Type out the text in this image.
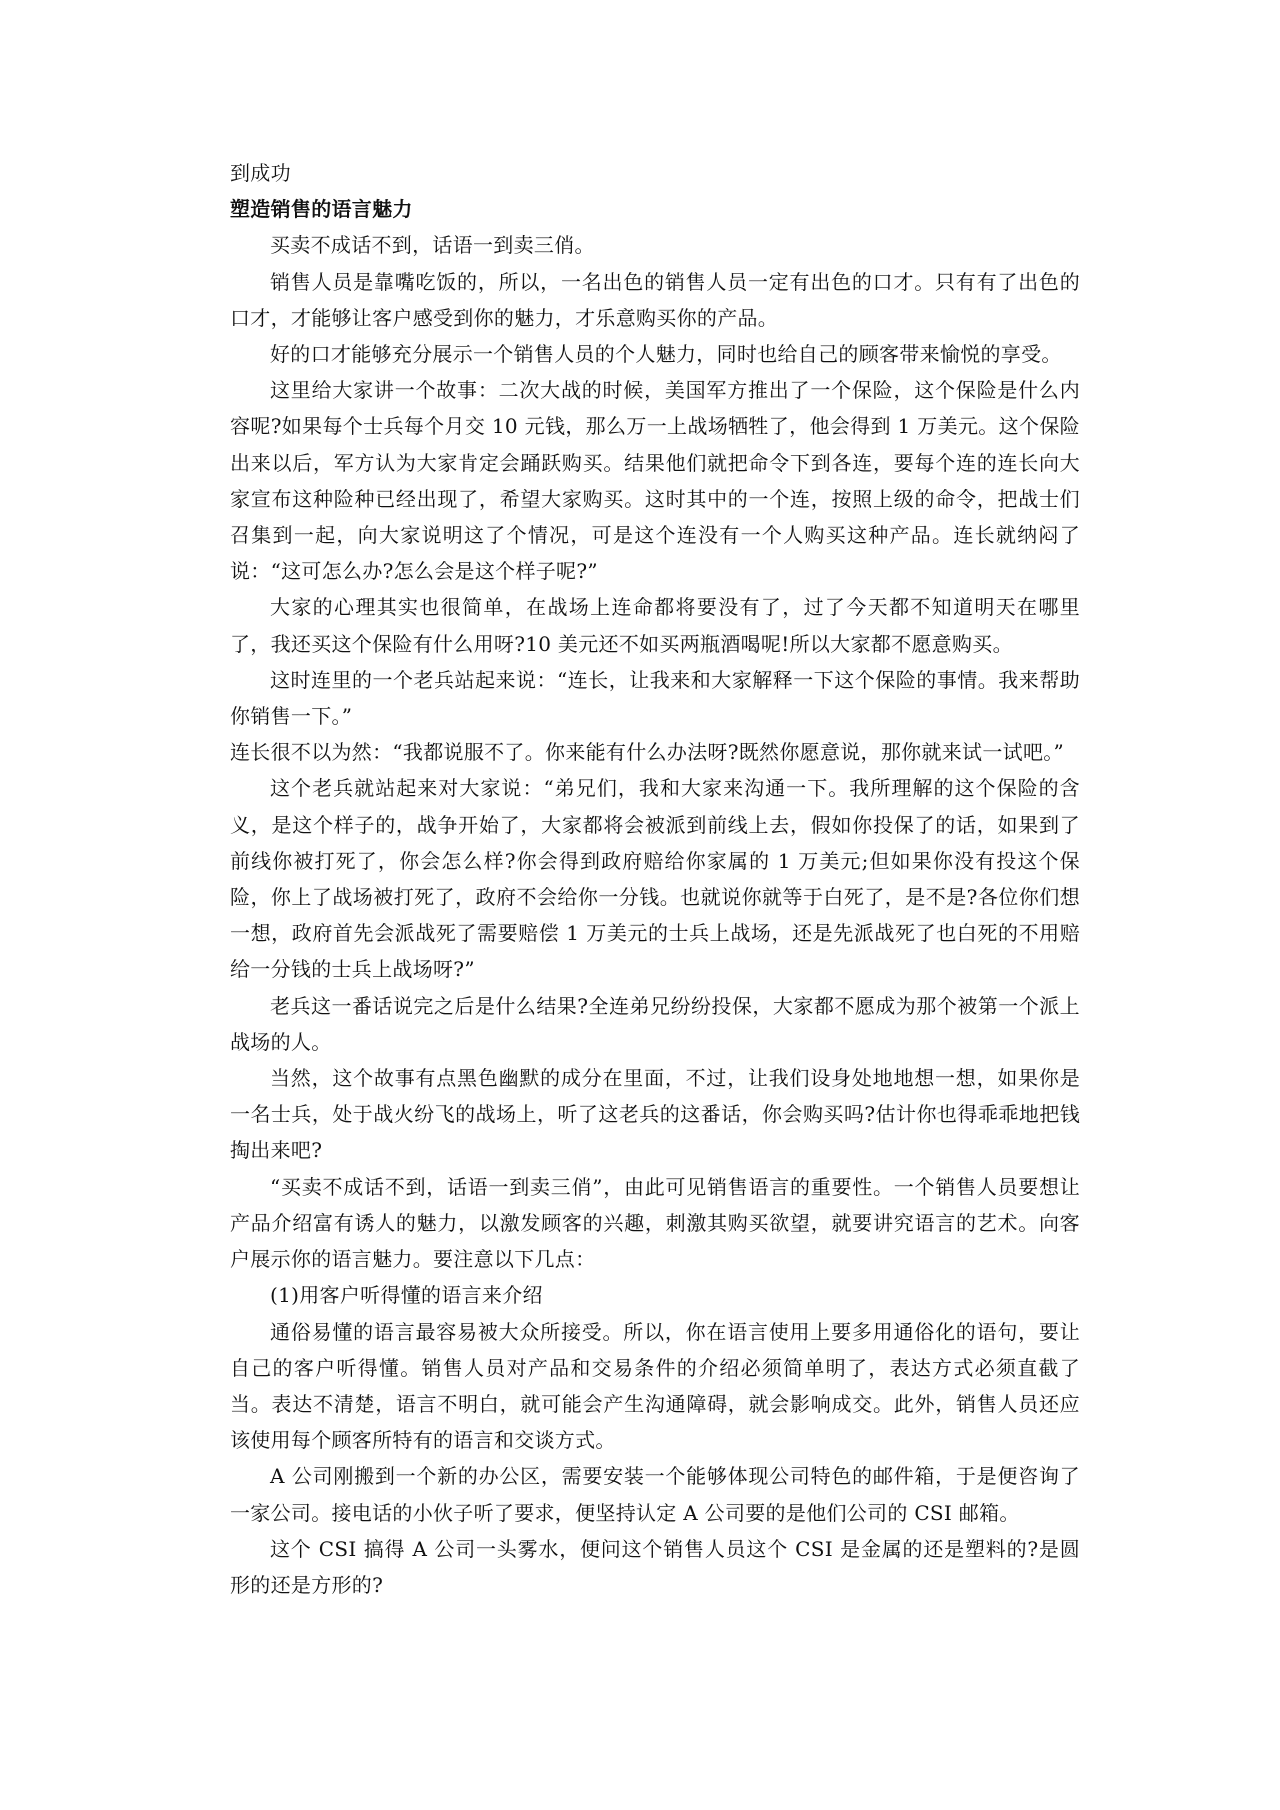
到成功

塑造销售的语言魅力

买卖不成话不到，话语一到卖三俏。

销售人员是靠嘴吃饭的，所以，一名出色的销售人员一定有出色的口才。只有有了出色的口才，才能够让客户感受到你的魅力，才乐意购买你的产品。

好的口才能够充分展示一个销售人员的个人魅力，同时也给自己的顾客带来愉悦的享受。

这里给大家讲一个故事：二次大战的时候，美国军方推出了一个保险，这个保险是什么内容呢?如果每个士兵每个月交 10 元钱，那么万一上战场牺牲了，他会得到 1 万美元。这个保险出来以后，军方认为大家肯定会踊跃购买。结果他们就把命令下到各连，要每个连的连长向大家宣布这种险种已经出现了，希望大家购买。这时其中的一个连，按照上级的命令，把战士们召集到一起，向大家说明这了个情况，可是这个连没有一个人购买这种产品。连长就纳闷了说：“这可怎么办?怎么会是这个样子呢?”

大家的心理其实也很简单，在战场上连命都将要没有了，过了今天都不知道明天在哪里了，我还买这个保险有什么用呀?10 美元还不如买两瓶酒喝呢!所以大家都不愿意购买。

这时连里的一个老兵站起来说：“连长，让我来和大家解释一下这个保险的事情。我来帮助你销售一下。”

连长很不以为然：“我都说服不了。你来能有什么办法呀?既然你愿意说，那你就来试一试吧。”

这个老兵就站起来对大家说：“弟兄们，我和大家来沟通一下。我所理解的这个保险的含义，是这个样子的，战争开始了，大家都将会被派到前线上去，假如你投保了的话，如果到了前线你被打死了，你会怎么样?你会得到政府赔给你家属的 1 万美元;但如果你没有投这个保险，你上了战场被打死了，政府不会给你一分钱。也就说你就等于白死了，是不是?各位你们想一想，政府首先会派战死了需要赔偿 1 万美元的士兵上战场，还是先派战死了也白死的不用赔给一分钱的士兵上战场呀?”

老兵这一番话说完之后是什么结果?全连弟兄纷纷投保，大家都不愿成为那个被第一个派上战场的人。

当然，这个故事有点黑色幽默的成分在里面，不过，让我们设身处地地想一想，如果你是一名士兵，处于战火纷飞的战场上，听了这老兵的这番话，你会购买吗?估计你也得乖乖地把钱掏出来吧?

“买卖不成话不到，话语一到卖三俏”，由此可见销售语言的重要性。一个销售人员要想让产品介绍富有诱人的魅力，以激发顾客的兴趣，刺激其购买欲望，就要讲究语言的艺术。向客户展示你的语言魅力。要注意以下几点：

(1)用客户听得懂的语言来介绍

通俗易懂的语言最容易被大众所接受。所以，你在语言使用上要多用通俗化的语句，要让自己的客户听得懂。销售人员对产品和交易条件的介绍必须简单明了，表达方式必须直截了当。表达不清楚，语言不明白，就可能会产生沟通障碍，就会影响成交。此外，销售人员还应该使用每个顾客所特有的语言和交谈方式。

A 公司刚搬到一个新的办公区，需要安装一个能够体现公司特色的邮件箱，于是便咨询了一家公司。接电话的小伙子听了要求，便坚持认定 A 公司要的是他们公司的 CSI 邮箱。

这个 CSI 搞得 A 公司一头雾水，便问这个销售人员这个 CSI 是金属的还是塑料的?是圆形的还是方形的?
